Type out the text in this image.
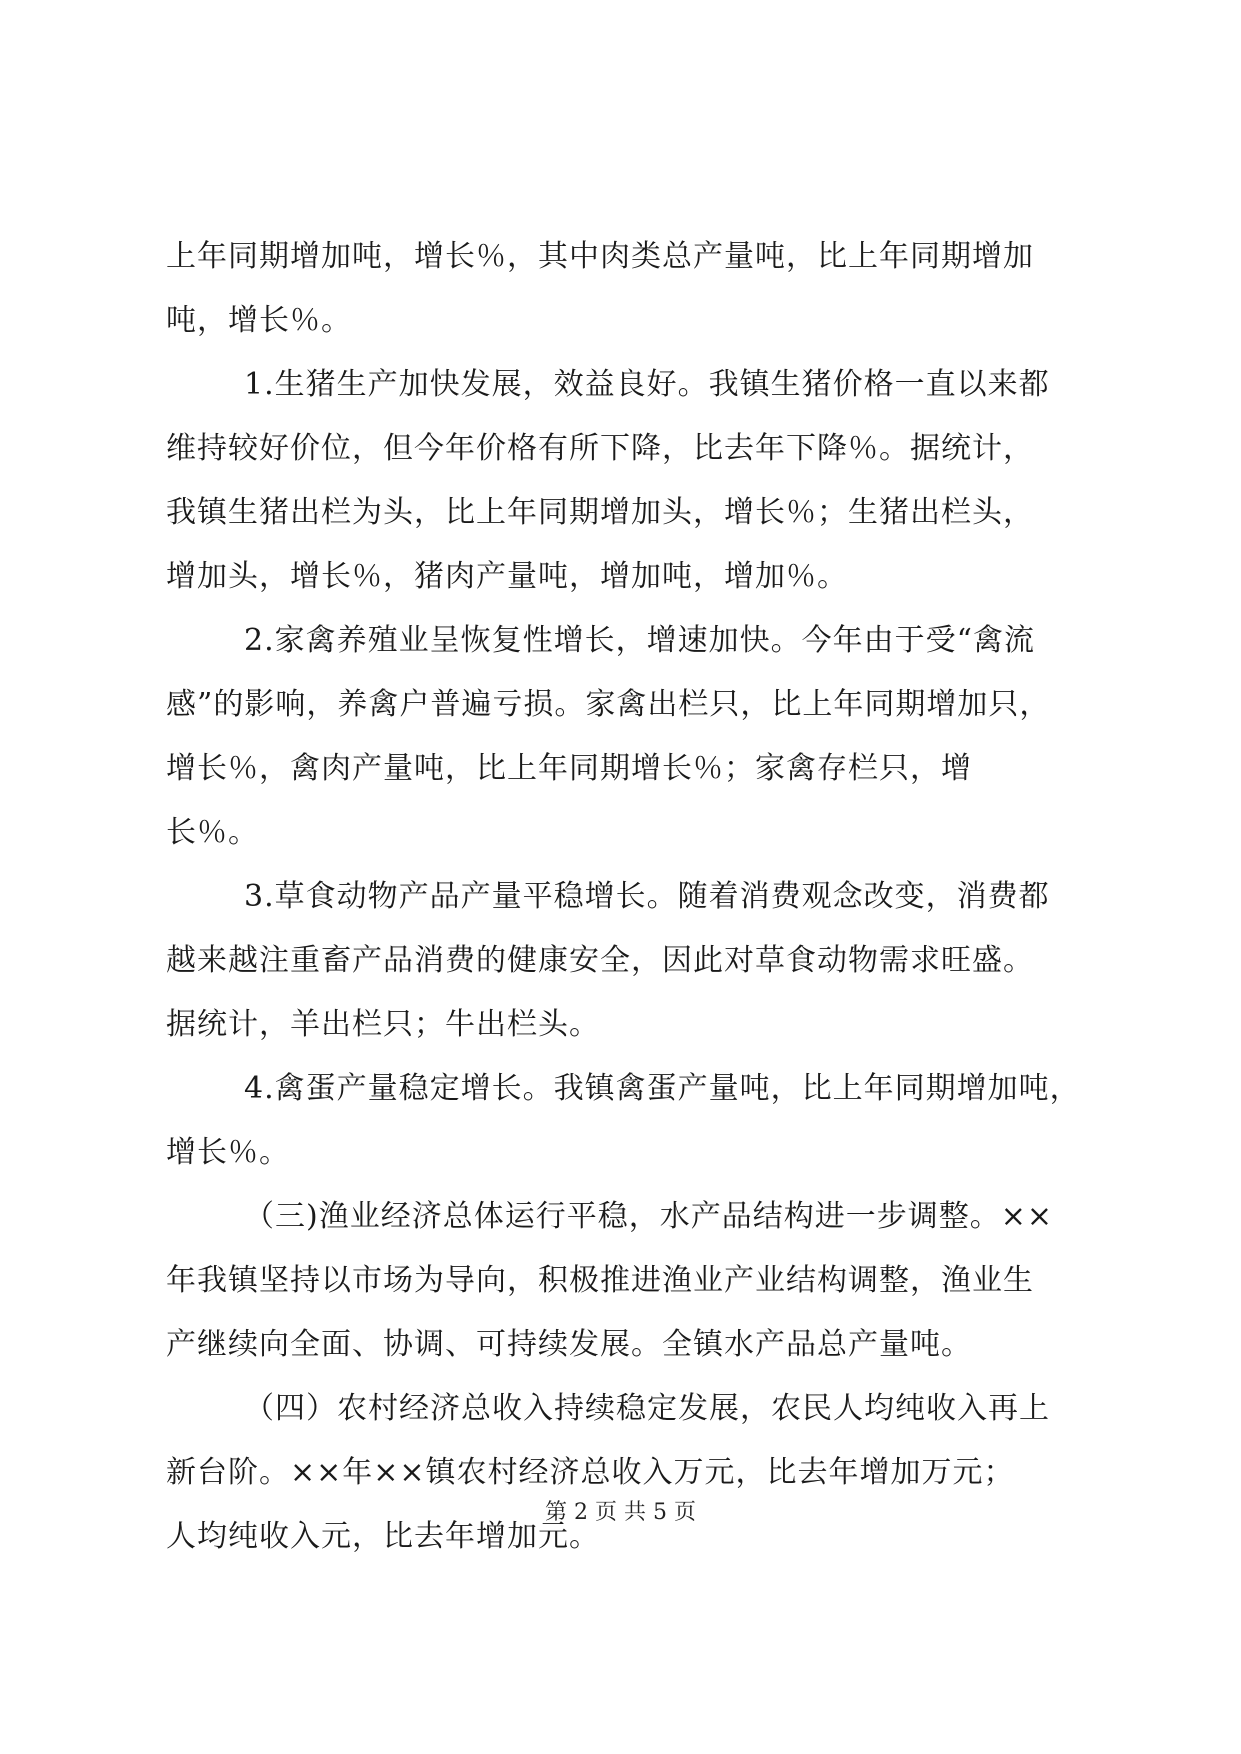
上年同期增加吨，增长％，其中肉类总产量吨，比上年同期增加
吨，增长％。
1.生猪生产加快发展，效益良好。我镇生猪价格一直以来都
维持较好价位，但今年价格有所下降，比去年下降％。据统计，
我镇生猪出栏为头，比上年同期增加头，增长％；生猪出栏头，
增加头，增长％，猪肉产量吨，增加吨，增加％。
2.家禽养殖业呈恢复性增长，增速加快。今年由于受“禽流
感”的影响，养禽户普遍亏损。家禽出栏只，比上年同期增加只，
增长％，禽肉产量吨，比上年同期增长％；家禽存栏只，增
长％。
3.草食动物产品产量平稳增长。随着消费观念改变，消费都
越来越注重畜产品消费的健康安全，因此对草食动物需求旺盛。
据统计，羊出栏只；牛出栏头。
4.禽蛋产量稳定增长。我镇禽蛋产量吨，比上年同期增加吨，
增长％。
（三)渔业经济总体运行平稳，水产品结构进一步调整。××
年我镇坚持以市场为导向，积极推进渔业产业结构调整，渔业生
产继续向全面、协调、可持续发展。全镇水产品总产量吨。
（四）农村经济总收入持续稳定发展，农民人均纯收入再上
新台阶。××年××镇农村经济总收入万元，比去年增加万元；
人均纯收入元，比去年增加元。
第 2 页 共 5 页
